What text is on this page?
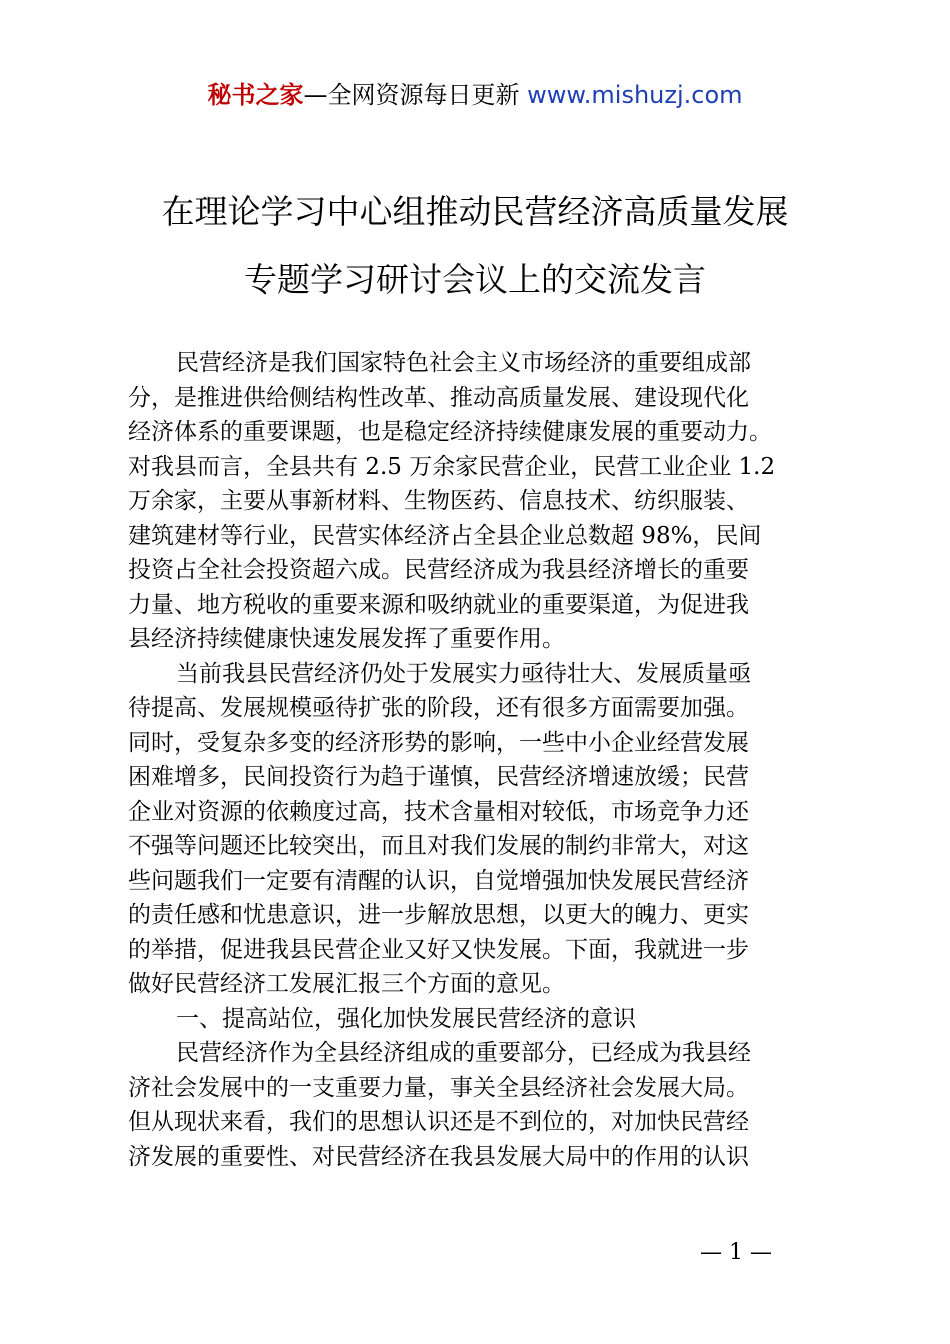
秘书之家—全网资源每日更新 www.mishuzj.com
在理论学习中心组推动民营经济高质量发展
专题学习研讨会议上的交流发言
民营经济是我们国家特色社会主义市场经济的重要组成部
分，是推进供给侧结构性改革、推动高质量发展、建设现代化
经济体系的重要课题，也是稳定经济持续健康发展的重要动力。
对我县而言，全县共有 2.5 万余家民营企业，民营工业企业 1.2
万余家，主要从事新材料、生物医药、信息技术、纺织服装、
建筑建材等行业，民营实体经济占全县企业总数超 98%，民间
投资占全社会投资超六成。民营经济成为我县经济增长的重要
力量、地方税收的重要来源和吸纳就业的重要渠道，为促进我
县经济持续健康快速发展发挥了重要作用。
当前我县民营经济仍处于发展实力亟待壮大、发展质量亟
待提高、发展规模亟待扩张的阶段，还有很多方面需要加强。
同时，受复杂多变的经济形势的影响，一些中小企业经营发展
困难增多，民间投资行为趋于谨慎，民营经济增速放缓；民营
企业对资源的依赖度过高，技术含量相对较低，市场竞争力还
不强等问题还比较突出，而且对我们发展的制约非常大，对这
些问题我们一定要有清醒的认识，自觉增强加快发展民营经济
的责任感和忧患意识，进一步解放思想，以更大的魄力、更实
的举措，促进我县民营企业又好又快发展。下面，我就进一步
做好民营经济工发展汇报三个方面的意见。
一、提高站位，强化加快发展民营经济的意识
民营经济作为全县经济组成的重要部分，已经成为我县经
济社会发展中的一支重要力量，事关全县经济社会发展大局。
但从现状来看，我们的思想认识还是不到位的，对加快民营经
济发展的重要性、对民营经济在我县发展大局中的作用的认识
— 1 —
